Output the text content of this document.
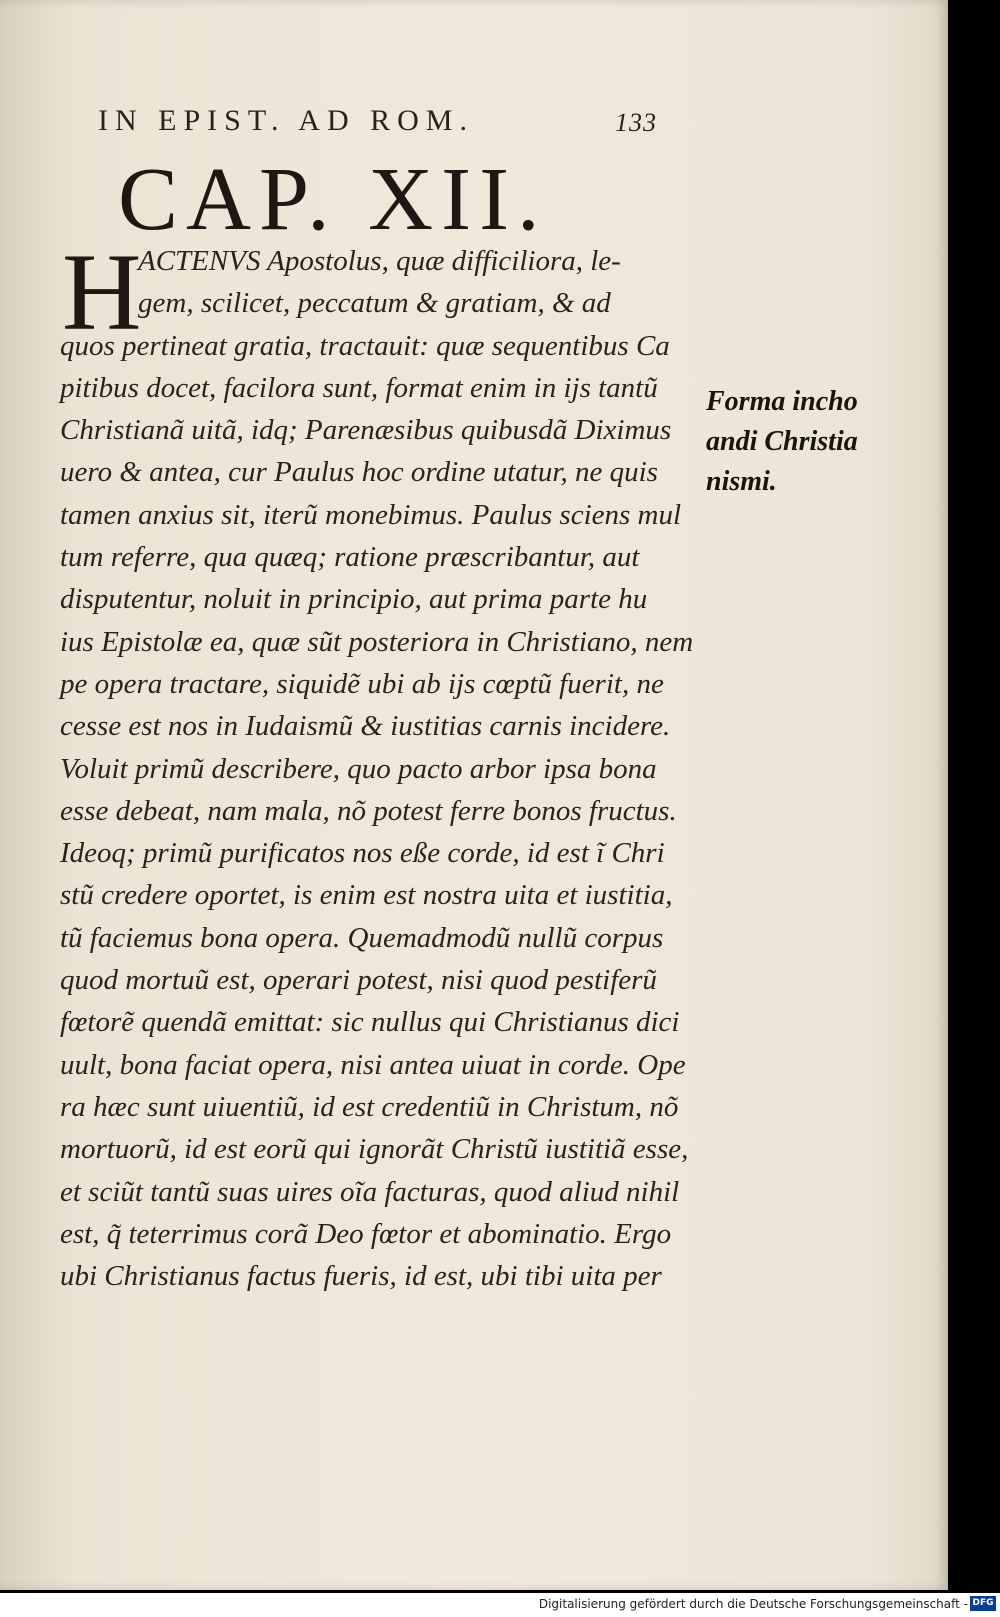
IN EPIST. AD ROM.	133
CAP. XII.
H
ACTENVS Apostolus, quæ difficiliora, le-
gem, scilicet, peccatum & gratiam, & ad
quos pertineat gratia, tractauit: quæ sequentibus Ca
pitibus docet, facilora sunt, format enim in ijs tantũ
Christianã uitã, idq; Parenæsibus quibusdã Diximus
uero & antea, cur Paulus hoc ordine utatur, ne quis
tamen anxius sit, iterũ monebimus. Paulus sciens mul
tum referre, qua quæq; ratione præscribantur, aut
disputentur, noluit in principio, aut prima parte hu
ius Epistolæ ea, quæ sũt posteriora in Christiano, nem
pe opera tractare, siquidẽ ubi ab ijs cœptũ fuerit, ne
cesse est nos in Iudaismũ & iustitias carnis incidere.
Voluit primũ describere, quo pacto arbor ipsa bona
esse debeat, nam mala, nõ potest ferre bonos fructus.
Ideoq; primũ purificatos nos eße corde, id est ĩ Chri
stũ credere oportet, is enim est nostra uita et iustitia,
tũ faciemus bona opera. Quemadmodũ nullũ corpus
quod mortuũ est, operari potest, nisi quod pestiferũ
fœtorẽ quendã emittat: sic nullus qui Christianus dici
uult, bona faciat opera, nisi antea uiuat in corde. Ope
ra hæc sunt uiuentiũ, id est credentiũ in Christum, nõ
mortuorũ, id est eorũ qui ignorãt Christũ iustitiã esse,
et sciũt tantũ suas uires oĩa facturas, quod aliud nihil
est, q̃ teterrimus corã Deo fœtor et abominatio. Ergo
ubi Christianus factus fueris, id est, ubi tibi uita per
Forma incho
andi Christia
nismi.
Digitalisierung gefördert durch die Deutsche Forschungsgemeinschaft - DFG
